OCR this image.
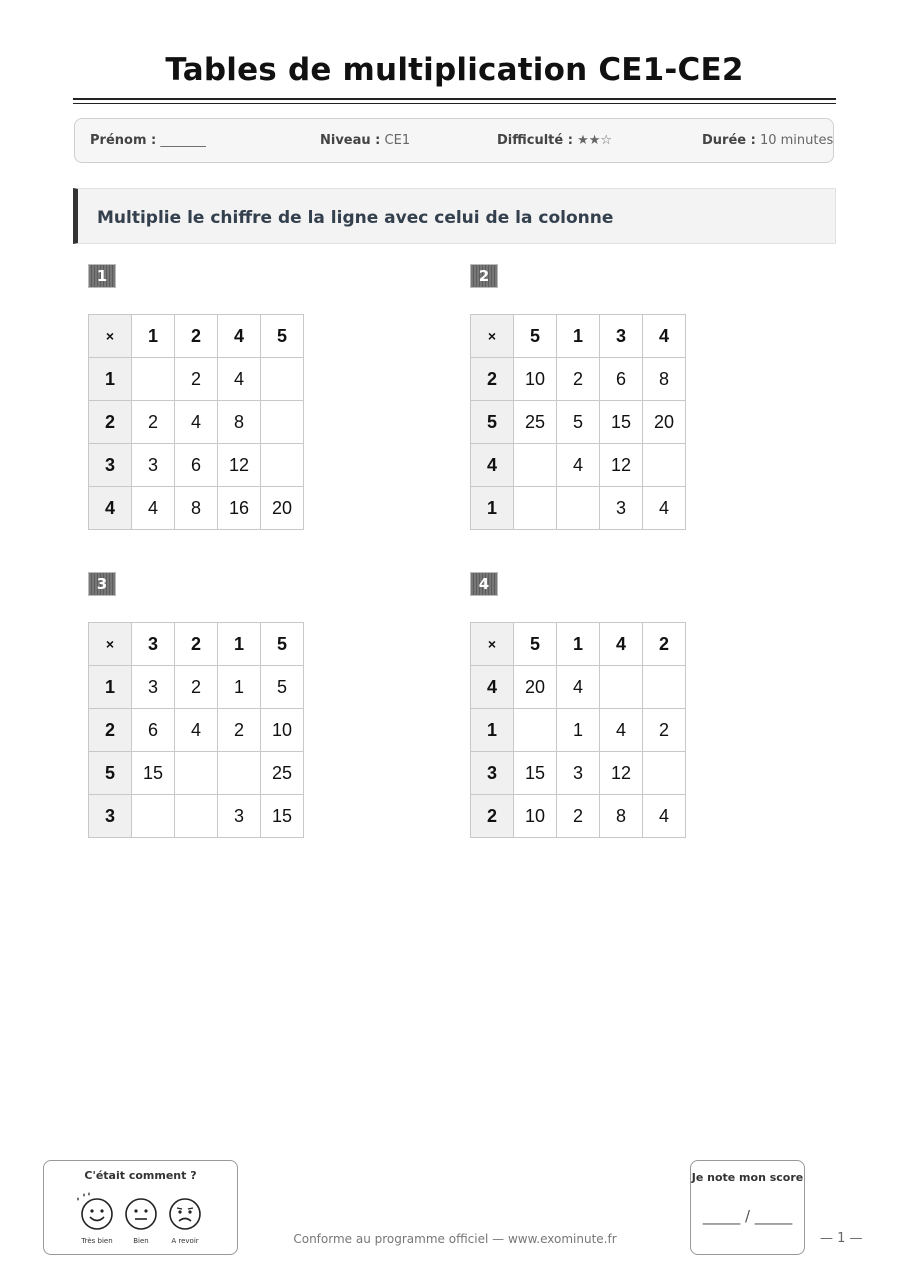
Tables de multiplication CE1-CE2
Prénom : _______	Niveau : CE1	Difficulté : ★★☆	Durée : 10 minutes
Multiplie le chiffre de la ligne avec celui de la colonne
1
×	1	2	4	5
1		2	4	
2	2	4	8	
3	3	6	12	
4	4	8	16	20
2
×	5	1	3	4
2	10	2	6	8
5	25	5	15	20
4		4	12	
1			3	4
3
×	3	2	1	5
1	3	2	1	5
2	6	4	2	10
5	15			25
3			3	15
4
×	5	1	4	2
4	20	4		
1		1	4	2
3	15	3	12	
2	10	2	8	4
C'était comment ?
Très bien	Bien	A revoir	Conforme au programme officiel — www.exominute.fr
Je note mon score
_____ / _____
— 1 —
